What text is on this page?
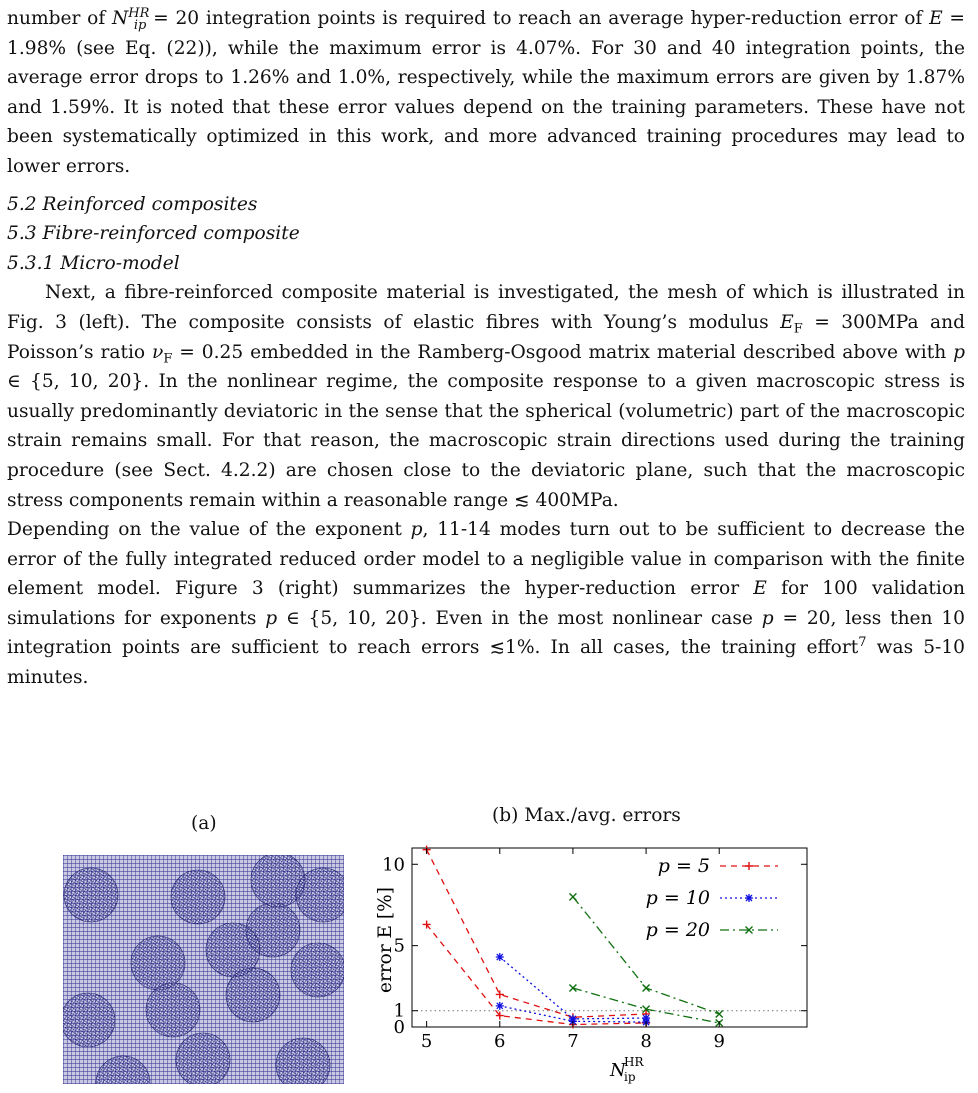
number of $N^{HR}_{ip} = 20$ integration points is required to reach an average hyper-reduction error of E = 1.98% (see Eq. (22)), while the maximum error is 4.07%. For 30 and 40 integration points, the average error drops to 1.26% and 1.0%, respectively, while the maximum errors are given by 1.87% and 1.59%. It is noted that these error values depend on the training parameters. These have not been systematically optimized in this work, and more advanced training procedures may lead to lower errors.

5.2 Reinforced composites

5.3 Fibre-reinforced composite

5.3.1 Micro-model

Next, a fibre-reinforced composite material is investigated, the mesh of which is illustrated in Fig. 3 (left). The composite consists of elastic fibres with Young’s modulus $E_F = 300MPa$ and Poisson’s ratio $\nu_F = 0.25$ embedded in the Ramberg-Osgood matrix material described above with p ∈ {5, 10, 20}. In the nonlinear regime, the composite response to a given macroscopic stress is usually predominantly deviatoric in the sense that the spherical (volumetric) part of the macroscopic strain remains small. For that reason, the macroscopic strain directions used during the training procedure (see Sect. 4.2.2) are chosen close to the deviatoric plane, such that the macroscopic stress components remain within a reasonable range ≲ 400MPa.

Depending on the value of the exponent p, 11-14 modes turn out to be sufficient to decrease the error of the fully integrated reduced order model to a negligible value in comparison with the finite element model. Figure 3 (right) summarizes the hyper-reduction error E for 100 validation simulations for exponents p ∈ {5, 10, 20}. Even in the most nonlinear case p = 20, less then 10 integration points are sufficient to reach errors ≲1%. In all cases, the training effort$^7$ was 5-10 minutes.

(a)	(b) Max./avg. errors
5	6	7	8	9
0
1
5
10	p = 5
p = 10
p = 20
error E [%]
N
HR
ip
